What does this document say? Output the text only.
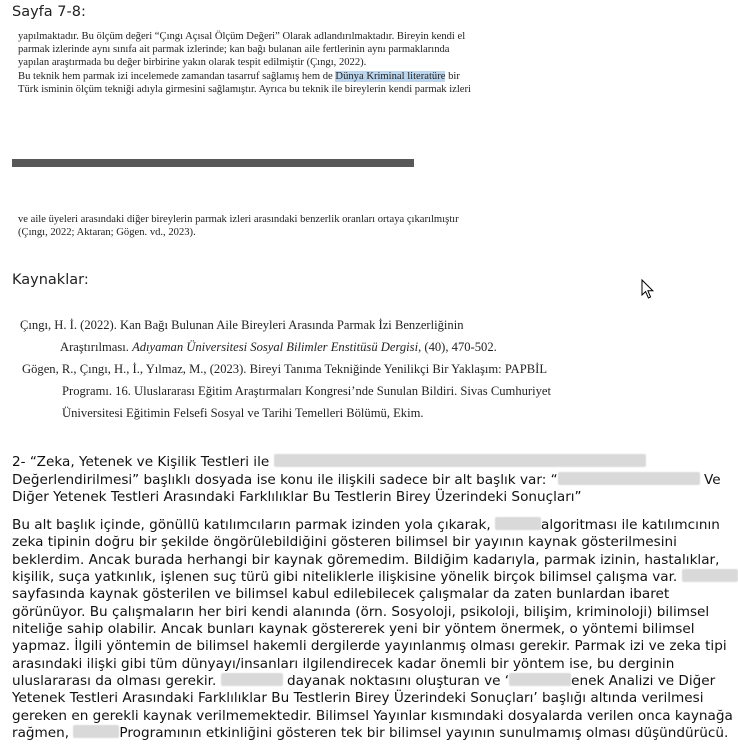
Sayfa 7-8:
yapılmaktadır. Bu ölçüm değeri “Çıngı Açısal Ölçüm Değeri” Olarak adlandırılmaktadır. Bireyin kendi el
parmak izlerinde aynı sınıfa ait parmak izlerinde; kan bağı bulanan aile fertlerinin aynı parmaklarında
yapılan araştırmada bu değer birbirine yakın olarak tespit edilmiştir (Çıngı, 2022).
Bu teknik hem parmak izi incelemede zamandan tasarruf sağlamış hem de Dünya Kriminal literatüre bir
Türk isminin ölçüm tekniği adıyla girmesini sağlamıştır. Ayrıca bu teknik ile bireylerin kendi parmak izleri
ve aile üyeleri arasındaki diğer bireylerin parmak izleri arasındaki benzerlik oranları ortaya çıkarılmıştır
(Çıngı, 2022; Aktaran; Gögen. vd., 2023).
Kaynaklar:
Çıngı, H. İ. (2022). Kan Bağı Bulunan Aile Bireyleri Arasında Parmak İzi Benzerliğinin
Araştırılması. Adıyaman Üniversitesi Sosyal Bilimler Enstitüsü Dergisi, (40), 470-502.
Gögen, R., Çıngı, H., İ., Yılmaz, M., (2023). Bireyi Tanıma Tekniğinde Yenilikçi Bir Yaklaşım: PAPBİL
Programı. 16. Uluslararası Eğitim Araştırmaları Kongresi’nde Sunulan Bildiri. Sivas Cumhuriyet
Üniversitesi Eğitimin Felsefi Sosyal ve Tarihi Temelleri Bölümü, Ekim.
2- “Zeka, Yetenek ve Kişilik Testleri ile
Değerlendirilmesi” başlıklı dosyada ise konu ile ilişkili sadece bir alt başlık var: “	Ve
Diğer Yetenek Testleri Arasındaki Farklılıklar Bu Testlerin Birey Üzerindeki Sonuçları”
Bu alt başlık içinde, gönüllü katılımcıların parmak izinden yola çıkarak,	algoritması ile katılımcının
zeka tipinin doğru bir şekilde öngörülebildiğini gösteren bilimsel bir yayının kaynak gösterilmesini
beklerdim. Ancak burada herhangi bir kaynak göremedim. Bildiğim kadarıyla, parmak izinin, hastalıklar,
kişilik, suça yatkınlık, işlenen suç türü gibi niteliklerle ilişkisine yönelik birçok bilimsel çalışma var.
sayfasında kaynak gösterilen ve bilimsel kabul edilebilecek çalışmalar da zaten bunlardan ibaret
görünüyor. Bu çalışmaların her biri kendi alanında (örn. Sosyoloji, psikoloji, bilişim, kriminoloji) bilimsel
niteliğe sahip olabilir. Ancak bunları kaynak göstererek yeni bir yöntem önermek, o yöntemi bilimsel
yapmaz. İlgili yöntemin de bilimsel hakemli dergilerde yayınlanmış olması gerekir. Parmak izi ve zeka tipi
arasındaki ilişki gibi tüm dünyayı/insanları ilgilendirecek kadar önemli bir yöntem ise, bu derginin
uluslararası da olması gerekir.	dayanak noktasını oluşturan ve ‘	enek Analizi ve Diğer
Yetenek Testleri Arasındaki Farklılıklar Bu Testlerin Birey Üzerindeki Sonuçları’ başlığı altında verilmesi
gereken en gerekli kaynak verilmemektedir. Bilimsel Yayınlar kısmındaki dosyalarda verilen onca kaynağa
rağmen,	Programının etkinliğini gösteren tek bir bilimsel yayının sunulmamış olması düşündürücü.
